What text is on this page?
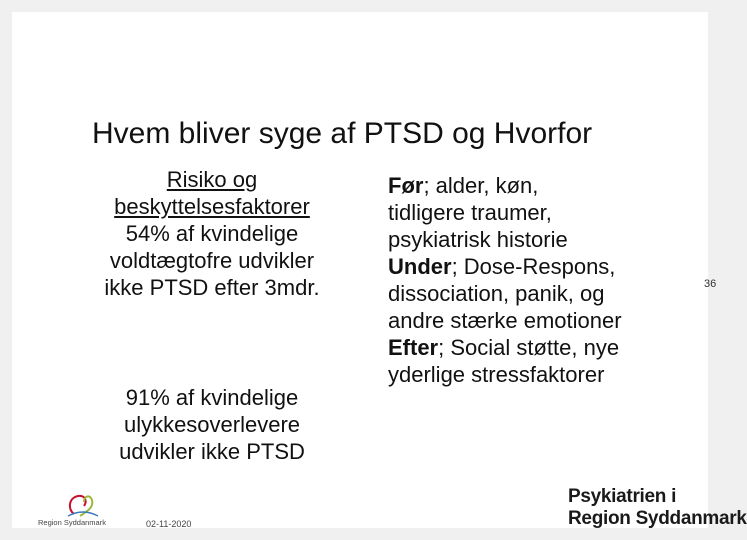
Hvem bliver syge af PTSD og Hvorfor
Risiko og
beskyttelsesfaktorer
54% af kvindelige
voldtægtofre udvikler
ikke PTSD efter 3mdr.
91% af kvindelige
ulykkesoverlevere
udvikler ikke PTSD
Før; alder, køn,
tidligere traumer,
psykiatrisk historie
Under; Dose-Respons,
dissociation, panik, og
andre stærke emotioner
Efter; Social støtte, nye
yderlige stressfaktorer
36
02-11-2020
Region Syddanmark
Psykiatrien i
Region Syddanmark
